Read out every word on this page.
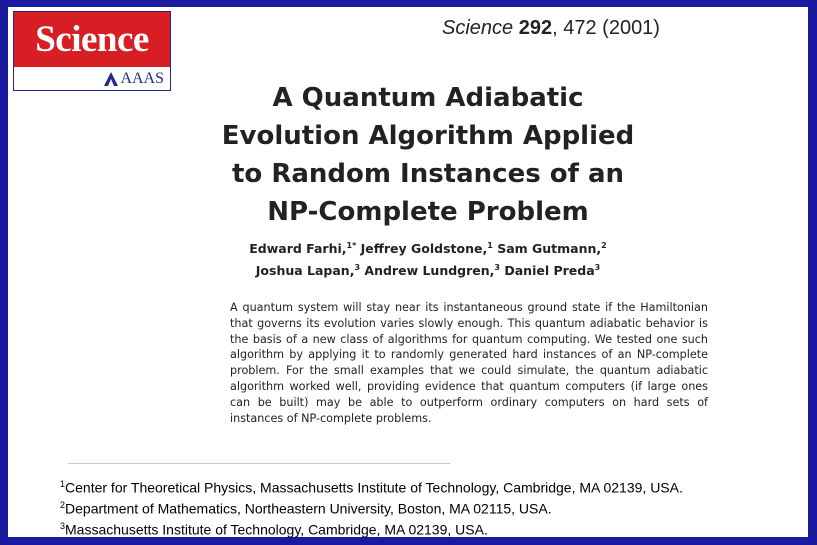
Science
AAAS
Science 292, 472 (2001)
A Quantum Adiabatic Evolution Algorithm Applied to Random Instances of an NP-Complete Problem
Edward Farhi,$^{1*}$ Jeffrey Goldstone,$^1$ Sam Gutmann,$^2$
Joshua Lapan,$^3$ Andrew Lundgren,$^3$ Daniel Preda$^3$
A quantum system will stay near its instantaneous ground state if the Hamiltonian that governs its evolution varies slowly enough. This quantum adiabatic behavior is the basis of a new class of algorithms for quantum computing. We tested one such algorithm by applying it to randomly generated hard instances of an NP-complete problem. For the small examples that we could simulate, the quantum adiabatic algorithm worked well, providing evidence that quantum computers (if large ones can be built) may be able to outperform ordinary computers on hard sets of instances of NP-complete problems.
$^1$Center for Theoretical Physics, Massachusetts Institute of Technology, Cambridge, MA 02139, USA.
$^2$Department of Mathematics, Northeastern University, Boston, MA 02115, USA.
$^3$Massachusetts Institute of Technology, Cambridge, MA 02139, USA.
